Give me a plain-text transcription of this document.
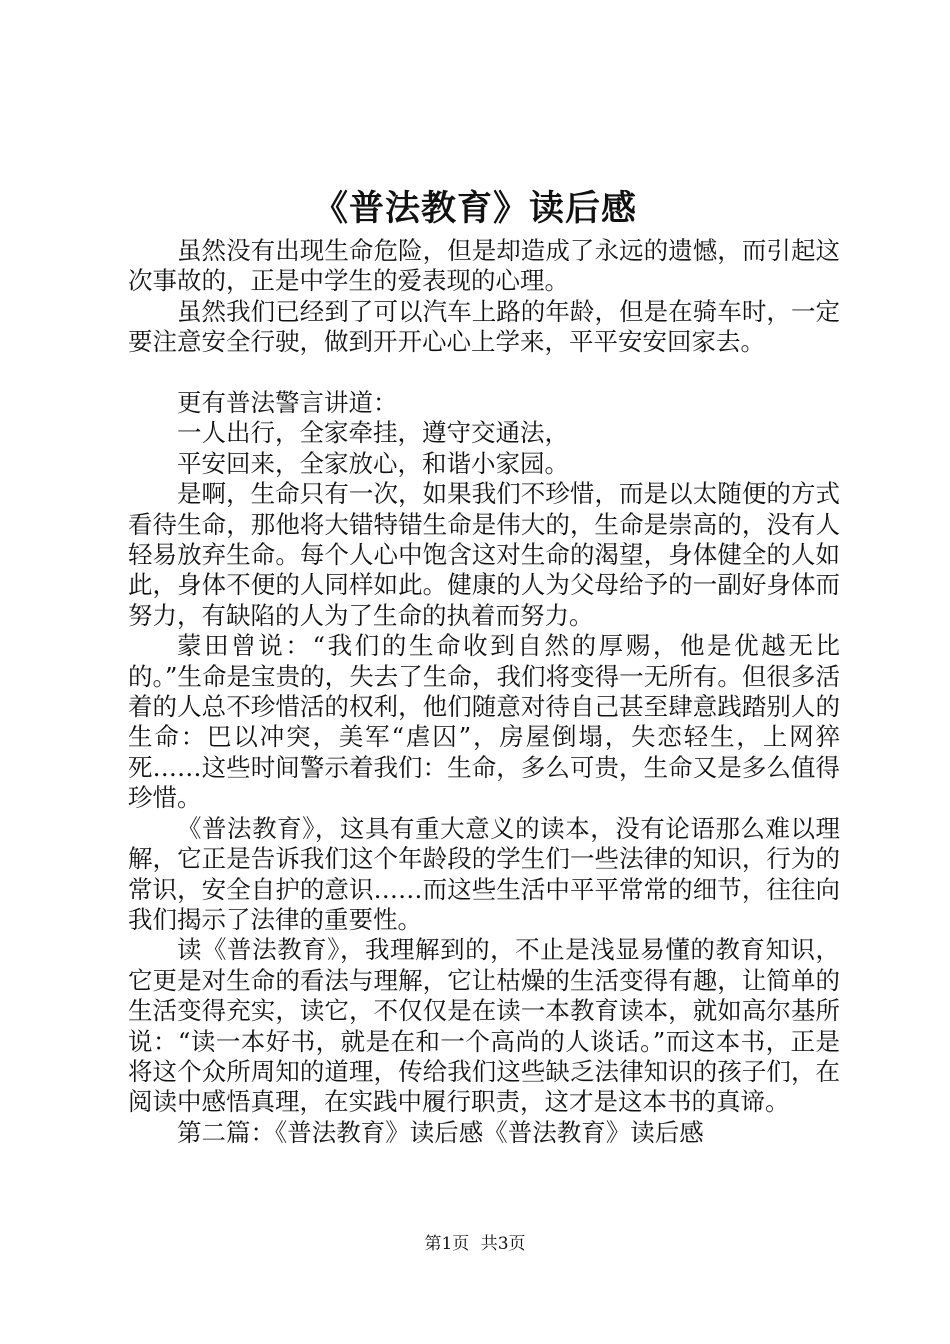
《普法教育》读后感

虽然没有出现生命危险，但是却造成了永远的遗憾，而引起这次事故的，正是中学生的爱表现的心理。

虽然我们已经到了可以汽车上路的年龄，但是在骑车时，一定要注意安全行驶，做到开开心心上学来，平平安安回家去。

更有普法警言讲道：

一人出行，全家牵挂，遵守交通法，

平安回来，全家放心，和谐小家园。

是啊，生命只有一次，如果我们不珍惜，而是以太随便的方式看待生命，那他将大错特错生命是伟大的，生命是崇高的，没有人轻易放弃生命。每个人心中饱含这对生命的渴望，身体健全的人如此，身体不便的人同样如此。健康的人为父母给予的一副好身体而努力，有缺陷的人为了生命的执着而努力。

蒙田曾说：“我们的生命收到自然的厚赐，他是优越无比的。”生命是宝贵的，失去了生命，我们将变得一无所有。但很多活着的人总不珍惜活的权利，他们随意对待自己甚至肆意践踏别人的生命：巴以冲突，美军“虐囚”，房屋倒塌，失恋轻生，上网猝死……这些时间警示着我们：生命，多么可贵，生命又是多么值得珍惜。

《普法教育》，这具有重大意义的读本，没有论语那么难以理解，它正是告诉我们这个年龄段的学生们一些法律的知识，行为的常识，安全自护的意识……而这些生活中平平常常的细节，往往向我们揭示了法律的重要性。

读《普法教育》，我理解到的，不止是浅显易懂的教育知识，它更是对生命的看法与理解，它让枯燥的生活变得有趣，让简单的生活变得充实，读它，不仅仅是在读一本教育读本，就如高尔基所说：“读一本好书，就是在和一个高尚的人谈话。”而这本书，正是将这个众所周知的道理，传给我们这些缺乏法律知识的孩子们，在阅读中感悟真理，在实践中履行职责，这才是这本书的真谛。

第二篇：《普法教育》读后感《普法教育》读后感

第1页 共3页
